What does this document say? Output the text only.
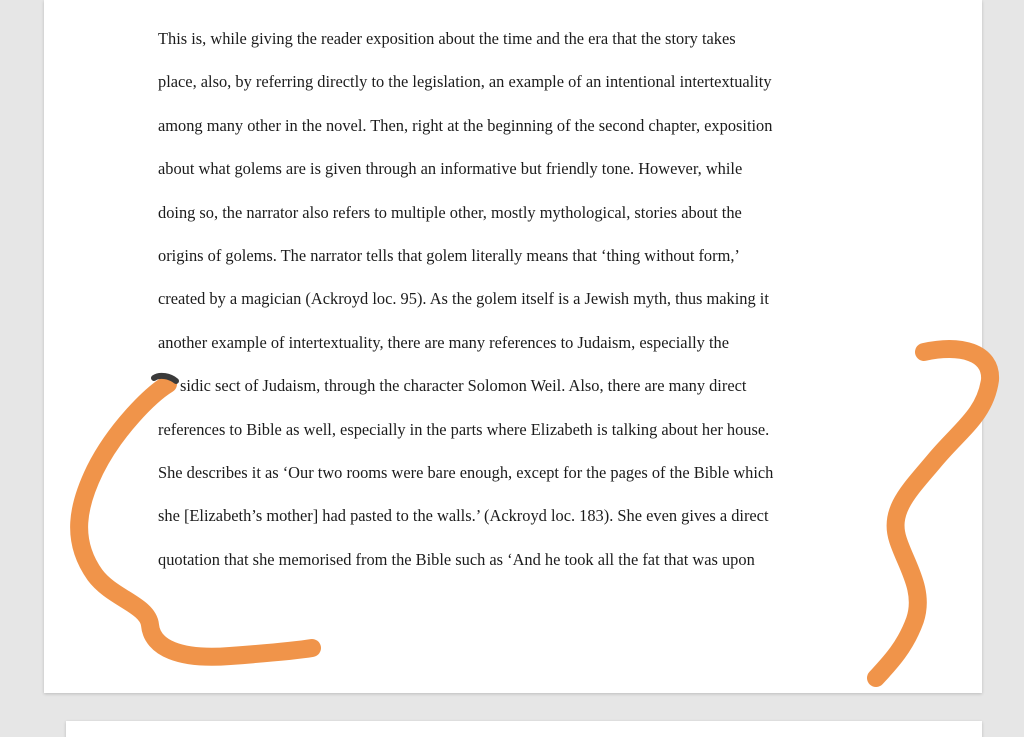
This is, while giving the reader exposition about the time and the era that the story takes
place, also, by referring directly to the legislation, an example of an intentional intertextuality
among many other in the novel. Then, right at the beginning of the second chapter, exposition
about what golems are is given through an informative but friendly tone. However, while
doing so, the narrator also refers to multiple other, mostly mythological, stories about the
origins of golems. The narrator tells that golem literally means that ‘thing without form,’
created by a magician (Ackroyd loc. 95). As the golem itself is a Jewish myth, thus making it
another example of intertextuality, there are many references to Judaism, especially the
sidic sect of Judaism, through the character Solomon Weil. Also, there are many direct
references to Bible as well, especially in the parts where Elizabeth is talking about her house.
She describes it as ‘Our two rooms were bare enough, except for the pages of the Bible which
she [Elizabeth’s mother] had pasted to the walls.’ (Ackroyd loc. 183). She even gives a direct
quotation that she memorised from the Bible such as ‘And he took all the fat that was upon
